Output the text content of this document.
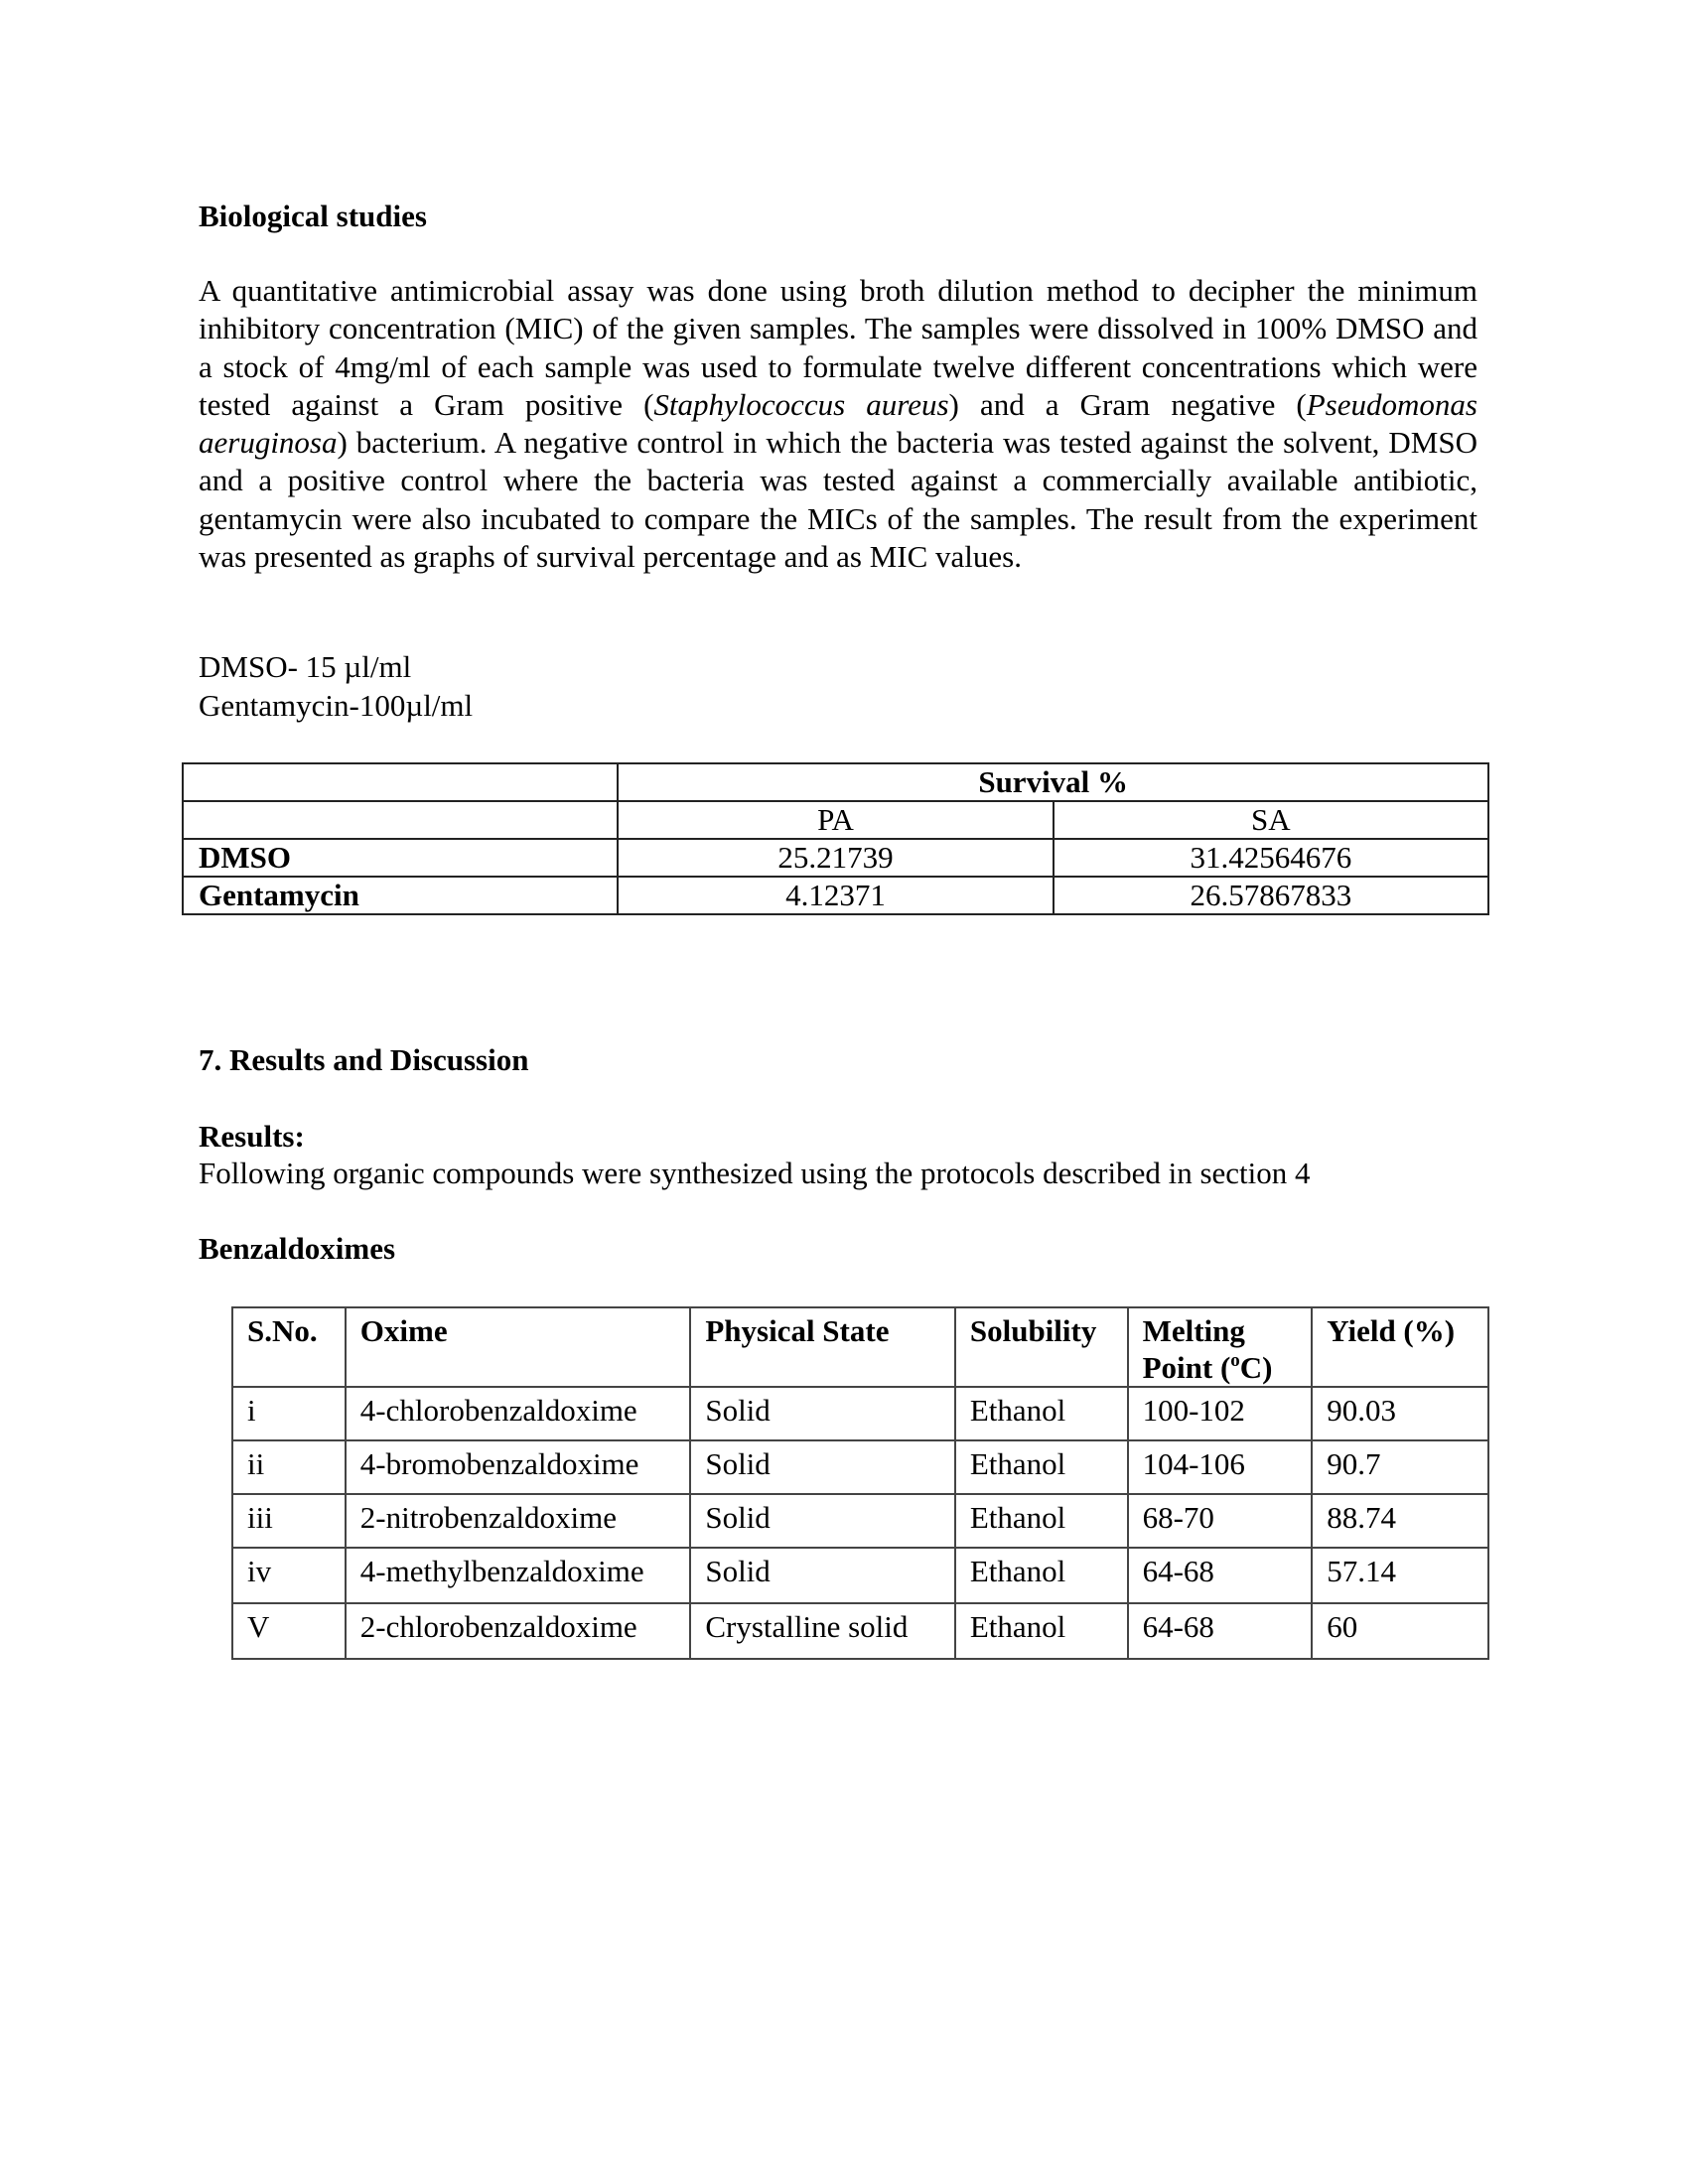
Biological studies

A quantitative antimicrobial assay was done using broth dilution method to decipher the minimum inhibitory concentration (MIC) of the given samples. The samples were dissolved in 100% DMSO and a stock of 4mg/ml of each sample was used to formulate twelve different concentrations which were tested against a Gram positive (Staphylococcus aureus) and a Gram negative (Pseudomonas aeruginosa) bacterium. A negative control in which the bacteria was tested against the solvent, DMSO and a positive control where the bacteria was tested against a commercially available antibiotic, gentamycin were also incubated to compare the MICs of the samples. The result from the experiment was presented as graphs of survival percentage and as MIC values.

DMSO- 15 µl/ml
Gentamycin-100µl/ml
	Survival %	
	PA	SA
DMSO	25.21739	31.42564676
Gentamycin	4.12371	26.57867833
7. Results and Discussion
Results:
Following organic compounds were synthesized using the protocols described in section 4
Benzaldoximes
S.No.	Oxime	Physical State	Solubility	Melting
Point ($^o$C)	Yield (%)
i	4-chlorobenzaldoxime	Solid	Ethanol	100-102	90.03
ii	4-bromobenzaldoxime	Solid	Ethanol	104-106	90.7
iii	2-nitrobenzaldoxime	Solid	Ethanol	68-70	88.74
iv	4-methylbenzaldoxime	Solid	Ethanol	64-68	57.14
V	2-chlorobenzaldoxime	Crystalline solid	Ethanol	64-68	60
